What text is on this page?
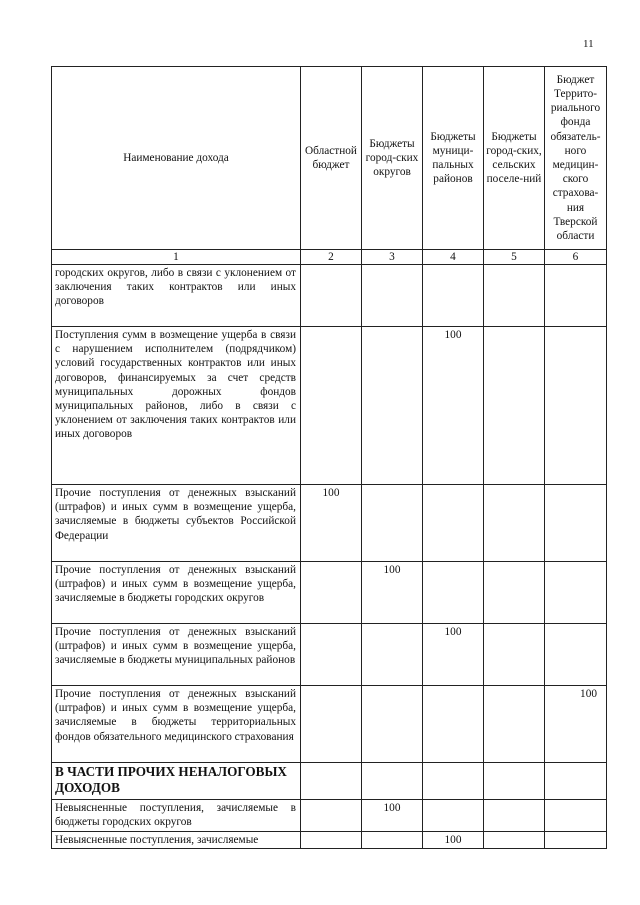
11
Наименование дохода	Областной бюджет	Бюджеты город-ских округов	Бюджеты муници-пальных районов	Бюджеты город-ских, сельских поселе-ний	Бюджет Террито-риального фонда обязатель-ного медицин-ского страхова-ния Тверской области
1	2	3	4	5	6
городских округов, либо в связи с уклонением от заключения таких контрактов или иных договоров					
Поступления сумм в возмещение ущерба в связи с нарушением исполнителем (подрядчиком) условий государственных контрактов или иных договоров, финансируемых за счет средств муниципальных дорожных фондов муниципальных районов, либо в связи с уклонением от заключения таких контрактов или иных договоров			100		
Прочие поступления от денежных взысканий (штрафов) и иных сумм в возмещение ущерба, зачисляемые в бюджеты субъектов Российской Федерации	100				
Прочие поступления от денежных взысканий (штрафов) и иных сумм в возмещение ущерба, зачисляемые в бюджеты городских округов		100			
Прочие поступления от денежных взысканий (штрафов) и иных сумм в возмещение ущерба, зачисляемые в бюджеты муниципальных районов			100		
Прочие поступления от денежных взысканий (штрафов) и иных сумм в возмещение ущерба, зачисляемые в бюджеты территориальных фондов обязательного медицинского страхования					100

В ЧАСТИ ПРОЧИХ НЕНАЛОГОВЫХ ДОХОДОВ					
Невыясненные поступления, зачисляемые в бюджеты городских округов		100			
Невыясненные поступления, зачисляемые			100		
